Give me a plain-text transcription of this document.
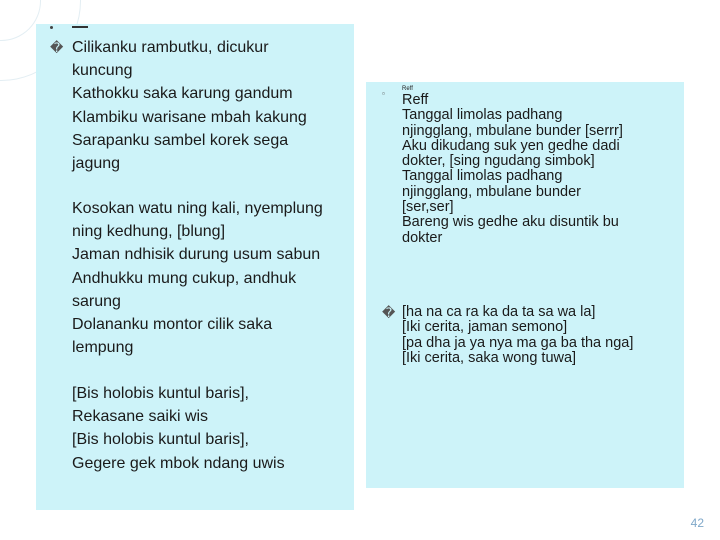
� Cilikanku rambutku, dicukur
kuncung
Kathokku saka karung gandum
Klambiku warisane mbah kakung
Sarapanku sambel korek sega
jagung
Kosokan watu ning kali, nyemplung
ning kedhung, [blung]
Jaman ndhisik durung usum sabun
Andhukku mung cukup, andhuk
sarung
Dolananku montor cilik saka
lempung
[Bis holobis kuntul baris],
Rekasane saiki wis
[Bis holobis kuntul baris],
Gegere gek mbok ndang uwis
▫	Reff
Reff
Tanggal limolas padhang
njingglang, mbulane bunder [serrr]
Aku dikudang suk yen gedhe dadi
dokter, [sing ngudang simbok]
Tanggal limolas padhang
njingglang, mbulane bunder
[ser,ser]
Bareng wis gedhe aku disuntik bu
dokter
� [ha na ca ra ka da ta sa wa la]
[Iki cerita, jaman semono]
[pa dha ja ya nya ma ga ba tha nga]
[Iki cerita, saka wong tuwa]
42
